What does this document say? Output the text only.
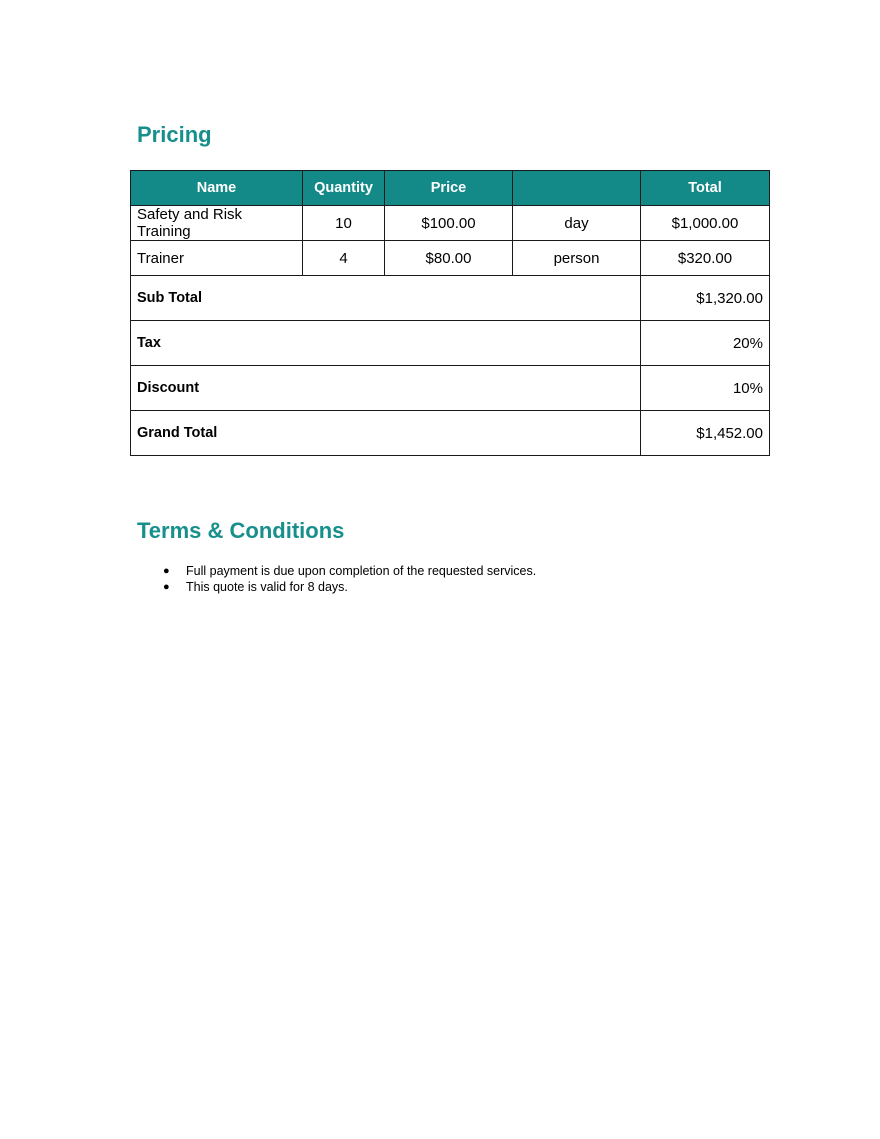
Pricing
Name	Quantity	Price		Total
Safety and Risk Training	10	$100.00	day	$1,000.00
Trainer	4	$80.00	person	$320.00
Sub Total				$1,320.00
Tax				20%
Discount				10%
Grand Total				$1,452.00
Terms & Conditions
● Full payment is due upon completion of the requested services.
● This quote is valid for 8 days.
